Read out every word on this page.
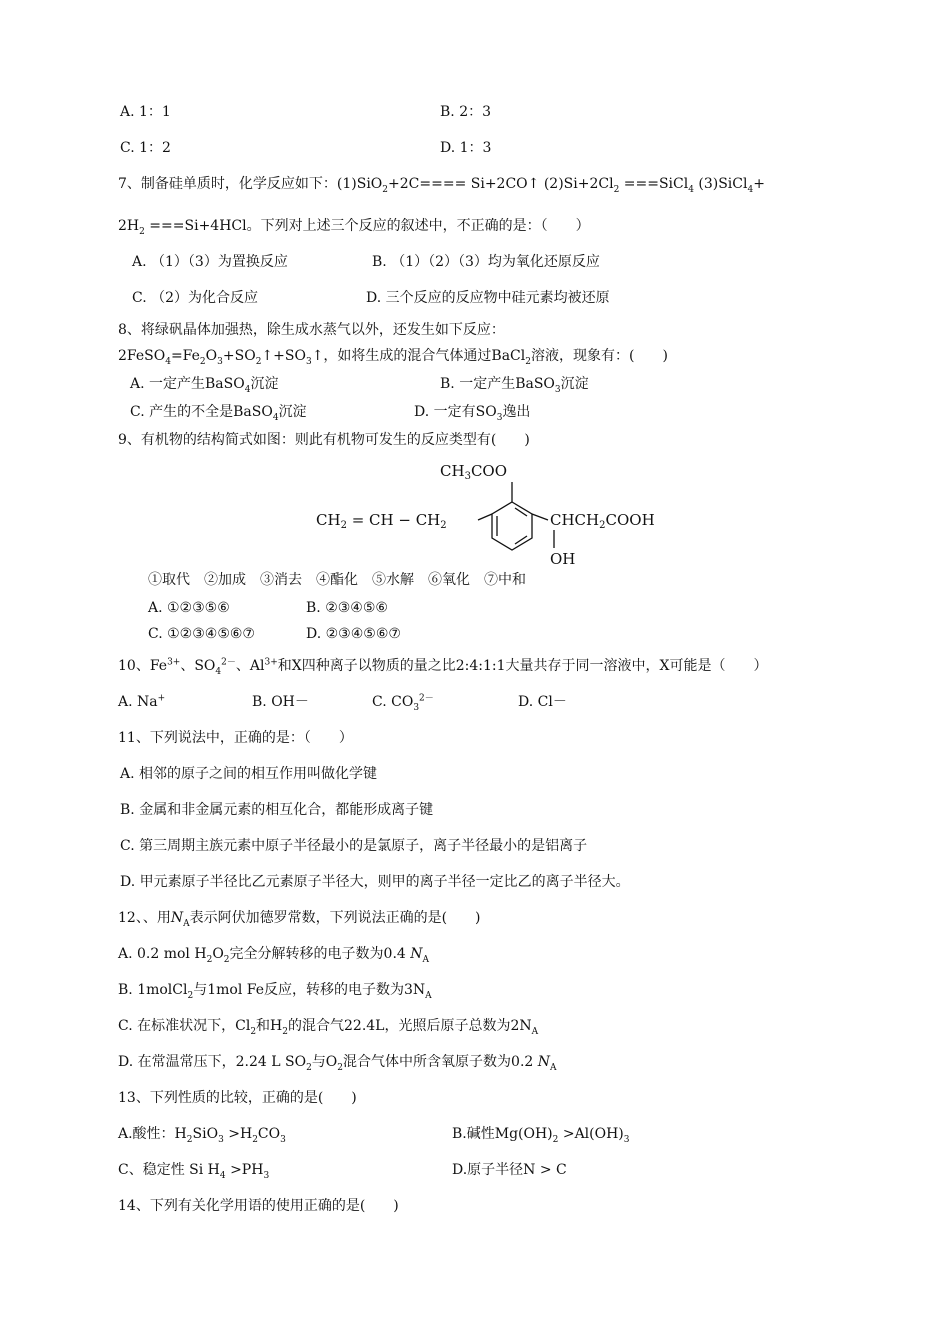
A. 1：1	B. 2：3
C. 1：2	D. 1：3
7、制备硅单质时，化学反应如下：(1)SiO$_2$+2C==== Si+2CO↑ $(2)Si+2Cl_2$ ===SiCl$_4$ (3)SiCl$_4$+
$2H_2 ===Si+4HCl$。下列对上述三个反应的叙述中，不正确的是：（　　）
A. （1）（3）为置换反应	B. （1）（2）（3）均为氧化还原反应
C. （2）为化合反应	D. 三个反应的反应物中硅元素均被还原
8、将绿矾晶体加强热，除生成水蒸气以外，还发生如下反应：
$2FeSO_4=Fe_2O_3+SO_2↑+SO_3↑$，如将生成的混合气体通过BaCl$_2$溶液，现象有：(　　)
A. 一定产生BaSO$_4$沉淀	B. 一定产生BaSO$_3$沉淀
C. 产生的不全是BaSO$_4$沉淀	D. 一定有$SO_3$逸出
9、有机物的结构简式如图：则此有机物可发生的反应类型有(　　)
$CH_3COO$
$CH_2$ = CH − $CH_2$	$CHCH_2COOH$
OH
①取代　②加成　③消去　④酯化　⑤水解　⑥氧化　⑦中和
A. ①②③⑤⑥	B. ②③④⑤⑥
C. ①②③④⑤⑥⑦	D. ②③④⑤⑥⑦
10、$Fe^{3+}$、$SO_4^{2-}$、$Al^{3+}$和X四种离子以物质的量之比2:4:1:1大量共存于同一溶液中，X可能是（　　）
A. Na+	B. OH－	C. $CO_3^{2-}$	D. Cl－
11、下列说法中，正确的是：（　　）
A. 相邻的原子之间的相互作用叫做化学键
B. 金属和非金属元素的相互化合，都能形成离子键
C. 第三周期主族元素中原子半径最小的是氯原子，离子半径最小的是铝离子
D. 甲元素原子半径比乙元素原子半径大，则甲的离子半径一定比乙的离子半径大。
12、、用$N_A$表示阿伏加德罗常数，下列说法正确的是(　　)
A. 0.2 mol $H_2O_2$完全分解转移的电子数为0.4 $N_A$
B. 1molCl$_2$与1mol Fe反应，转移的电子数为$3N_A$
C. 在标准状况下，$Cl_2$和$H_2$的混合气22.4L，光照后原子总数为$2N_A$
D. 在常温常压下，2.24 L $SO_2$与$O_2$混合气体中所含氧原子数为0.2 $N_A$
13、下列性质的比较，正确的是(　　)
A.酸性：$H_2SiO_3 >H_2CO_3$	B.碱性$Mg(OH)_2 >Al(OH)_3$
C、稳定性 Si $H_4 >PH_3$	D.原子半径N > C
14、下列有关化学用语的使用正确的是(　　)
